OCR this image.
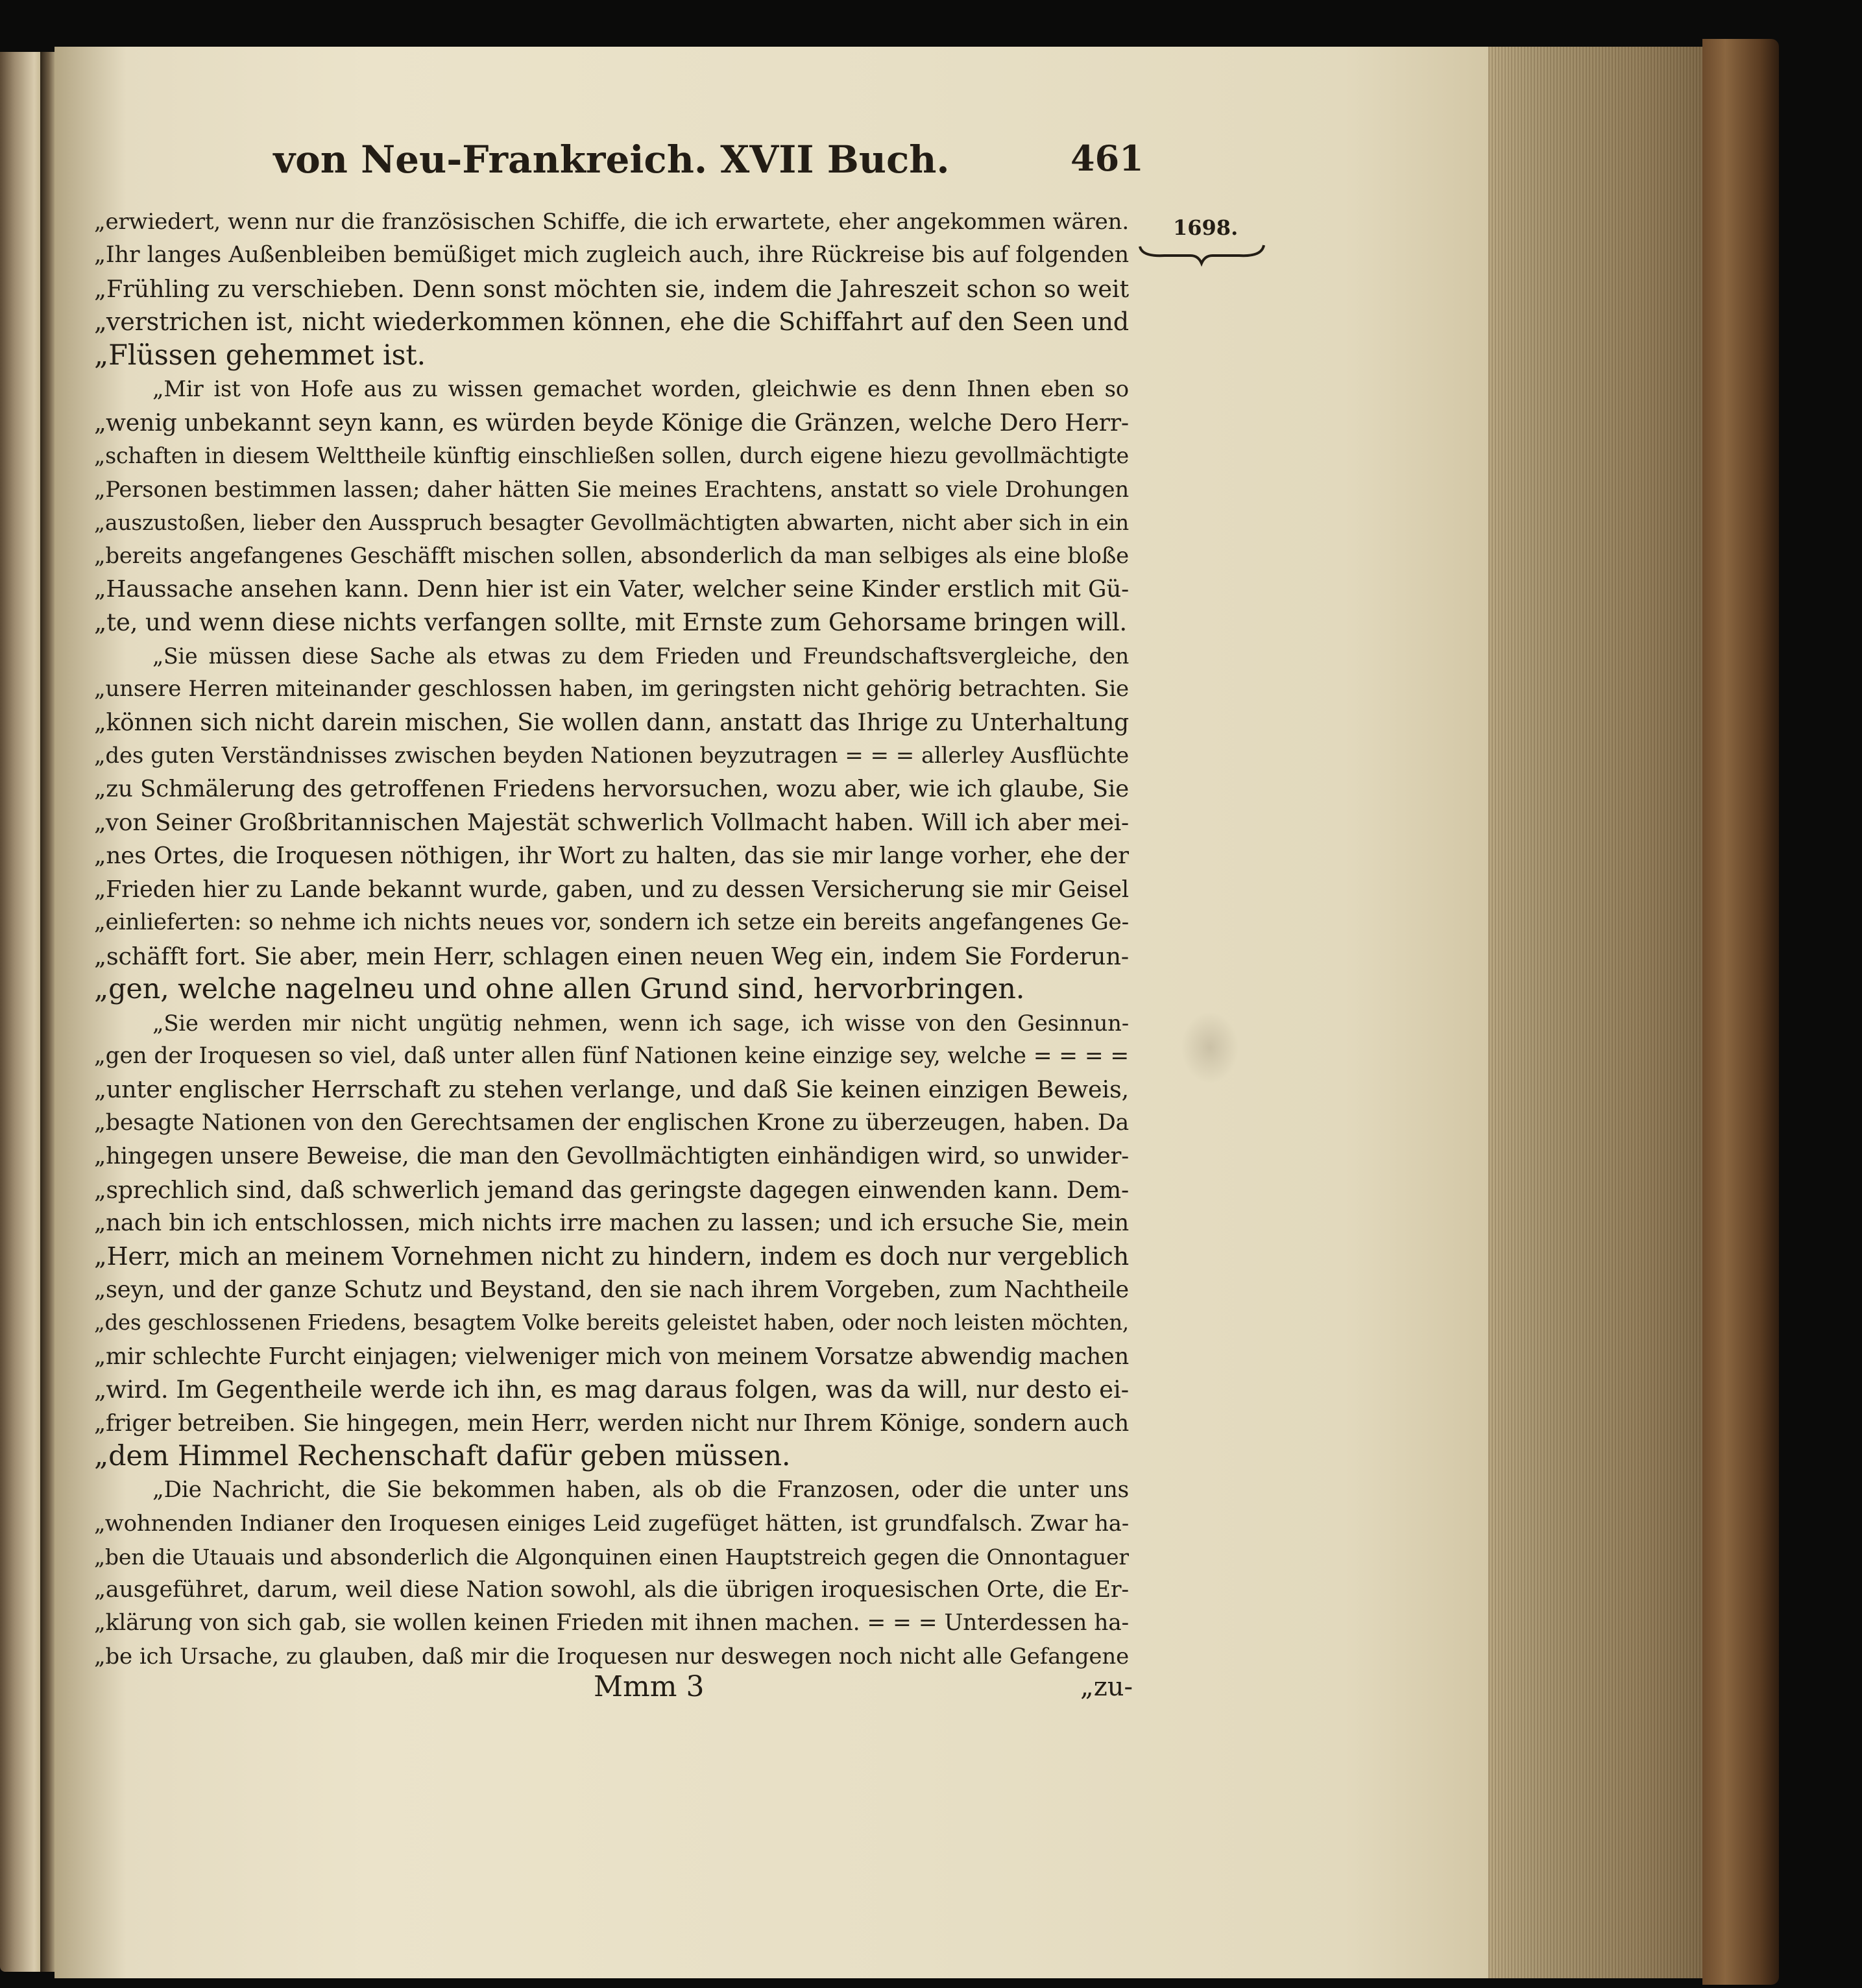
von Neu-Frankreich. XVII Buch.	461
1698.
„erwiedert, wenn nur die französischen Schiffe, die ich erwartete, eher angekommen wären.
„Ihr langes Außenbleiben bemüßiget mich zugleich auch, ihre Rückreise bis auf folgenden
„Frühling zu verschieben. Denn sonst möchten sie, indem die Jahreszeit schon so weit
„verstrichen ist, nicht wiederkommen können, ehe die Schiffahrt auf den Seen und
„Flüssen gehemmet ist.
„Mir ist von Hofe aus zu wissen gemachet worden, gleichwie es denn Ihnen eben so
„wenig unbekannt seyn kann, es würden beyde Könige die Gränzen, welche Dero Herr-
„schaften in diesem Welttheile künftig einschließen sollen, durch eigene hiezu gevollmächtigte
„Personen bestimmen lassen; daher hätten Sie meines Erachtens, anstatt so viele Drohungen
„auszustoßen, lieber den Ausspruch besagter Gevollmächtigten abwarten, nicht aber sich in ein
„bereits angefangenes Geschäfft mischen sollen, absonderlich da man selbiges als eine bloße
„Haussache ansehen kann. Denn hier ist ein Vater, welcher seine Kinder erstlich mit Gü-
„te, und wenn diese nichts verfangen sollte, mit Ernste zum Gehorsame bringen will.
„Sie müssen diese Sache als etwas zu dem Frieden und Freundschaftsvergleiche, den
„unsere Herren miteinander geschlossen haben, im geringsten nicht gehörig betrachten. Sie
„können sich nicht darein mischen, Sie wollen dann, anstatt das Ihrige zu Unterhaltung
„des guten Verständnisses zwischen beyden Nationen beyzutragen = = = allerley Ausflüchte
„zu Schmälerung des getroffenen Friedens hervorsuchen, wozu aber, wie ich glaube, Sie
„von Seiner Großbritannischen Majestät schwerlich Vollmacht haben. Will ich aber mei-
„nes Ortes, die Iroquesen nöthigen, ihr Wort zu halten, das sie mir lange vorher, ehe der
„Frieden hier zu Lande bekannt wurde, gaben, und zu dessen Versicherung sie mir Geisel
„einlieferten: so nehme ich nichts neues vor, sondern ich setze ein bereits angefangenes Ge-
„schäfft fort. Sie aber, mein Herr, schlagen einen neuen Weg ein, indem Sie Forderun-
„gen, welche nagelneu und ohne allen Grund sind, hervorbringen.
„Sie werden mir nicht ungütig nehmen, wenn ich sage, ich wisse von den Gesinnun-
„gen der Iroquesen so viel, daß unter allen fünf Nationen keine einzige sey, welche = = = =
„unter englischer Herrschaft zu stehen verlange, und daß Sie keinen einzigen Beweis,
„besagte Nationen von den Gerechtsamen der englischen Krone zu überzeugen, haben. Da
„hingegen unsere Beweise, die man den Gevollmächtigten einhändigen wird, so unwider-
„sprechlich sind, daß schwerlich jemand das geringste dagegen einwenden kann. Dem-
„nach bin ich entschlossen, mich nichts irre machen zu lassen; und ich ersuche Sie, mein
„Herr, mich an meinem Vornehmen nicht zu hindern, indem es doch nur vergeblich
„seyn, und der ganze Schutz und Beystand, den sie nach ihrem Vorgeben, zum Nachtheile
„des geschlossenen Friedens, besagtem Volke bereits geleistet haben, oder noch leisten möchten,
„mir schlechte Furcht einjagen; vielweniger mich von meinem Vorsatze abwendig machen
„wird. Im Gegentheile werde ich ihn, es mag daraus folgen, was da will, nur desto ei-
„friger betreiben. Sie hingegen, mein Herr, werden nicht nur Ihrem Könige, sondern auch
„dem Himmel Rechenschaft dafür geben müssen.
„Die Nachricht, die Sie bekommen haben, als ob die Franzosen, oder die unter uns
„wohnenden Indianer den Iroquesen einiges Leid zugefüget hätten, ist grundfalsch. Zwar ha-
„ben die Utauais und absonderlich die Algonquinen einen Hauptstreich gegen die Onnontaguer
„ausgeführet, darum, weil diese Nation sowohl, als die übrigen iroquesischen Orte, die Er-
„klärung von sich gab, sie wollen keinen Frieden mit ihnen machen. = = = Unterdessen ha-
„be ich Ursache, zu glauben, daß mir die Iroquesen nur deswegen noch nicht alle Gefangene
Mmm 3	„zu-
